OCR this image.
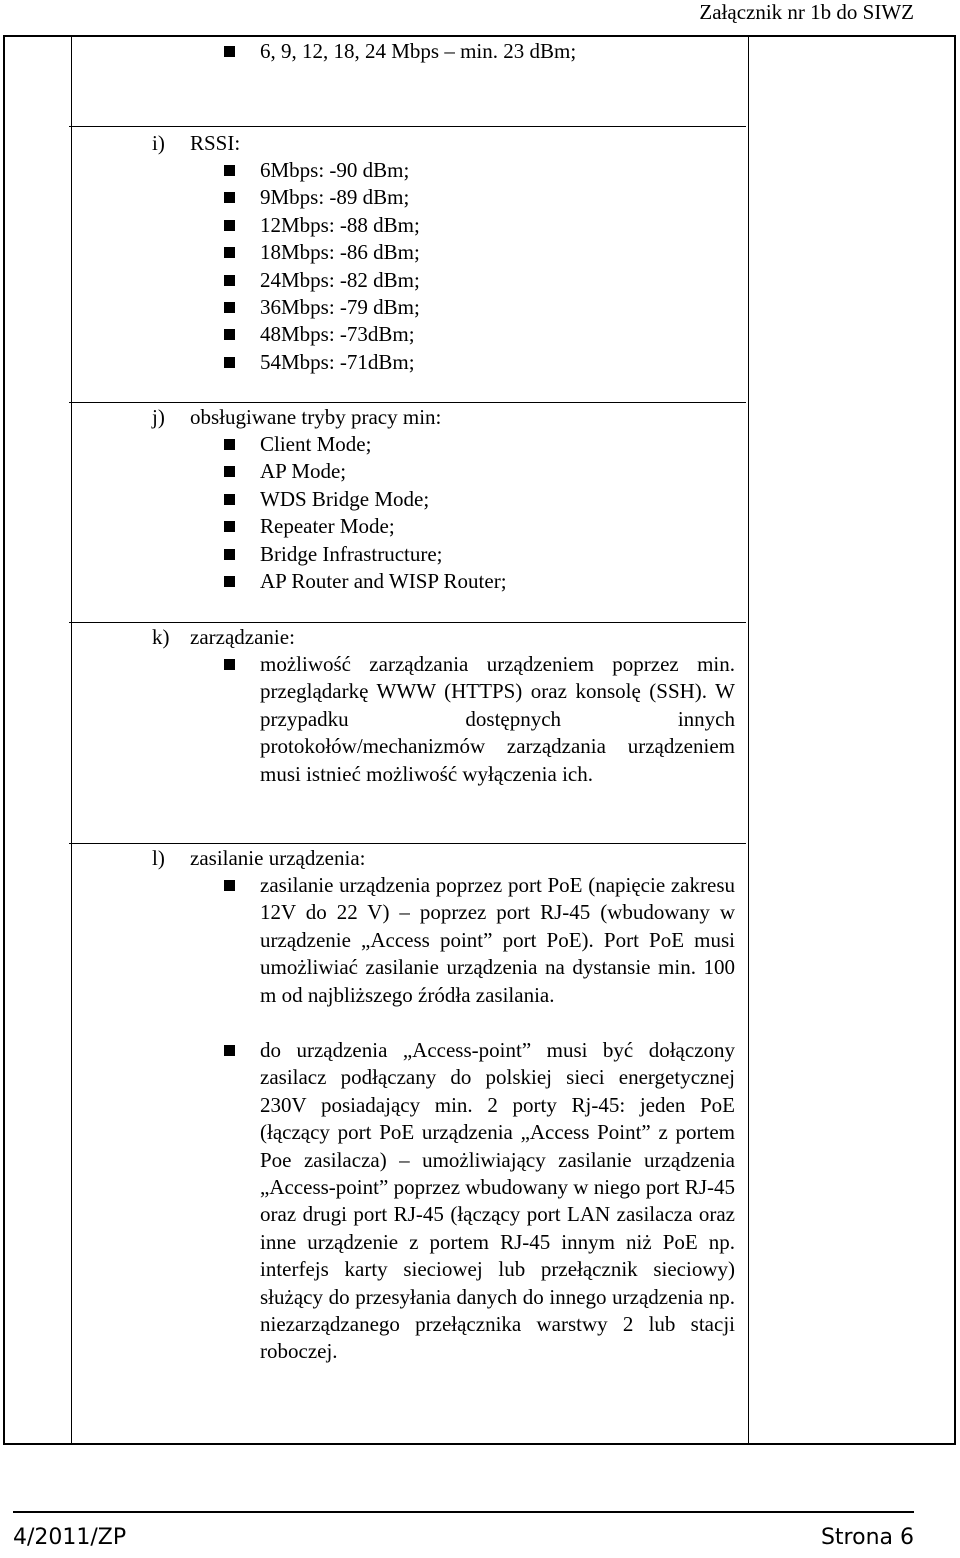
Załącznik nr 1b do SIWZ
6, 9, 12, 18, 24 Mbps – min. 23 dBm;
i) RSSI:
6Mbps: -90 dBm;
9Mbps: -89 dBm;
12Mbps: -88 dBm;
18Mbps: -86 dBm;
24Mbps: -82 dBm;
36Mbps: -79 dBm;
48Mbps: -73dBm;
54Mbps: -71dBm;
j) obsługiwane tryby pracy min:
Client Mode;
AP Mode;
WDS Bridge Mode;
Repeater Mode;
Bridge Infrastructure;
AP Router and WISP Router;
k) zarządzanie:
możliwość zarządzania urządzeniem poprzez min. przeglądarkę WWW (HTTPS) oraz konsolę (SSH). W przypadku dostępnych innych protokołów/mechanizmów zarządzania urządzeniem musi istnieć możliwość wyłączenia ich.
l) zasilanie urządzenia:
zasilanie urządzenia poprzez port PoE (napięcie zakresu 12V do 22 V) – poprzez port RJ-45 (wbudowany w urządzenie „Access point” port PoE). Port PoE musi umożliwiać zasilanie urządzenia na dystansie min. 100 m od najbliższego źródła zasilania.
do urządzenia „Access-point” musi być dołączony zasilacz podłączany do polskiej sieci energetycznej 230V posiadający min. 2 porty Rj-45: jeden PoE (łączący port PoE urządzenia „Access Point” z portem Poe zasilacza) – umożliwiający zasilanie urządzenia „Access-point” poprzez wbudowany w niego port RJ-45 oraz drugi port RJ-45 (łączący port LAN zasilacza oraz inne urządzenie z portem RJ-45 innym niż PoE np. interfejs karty sieciowej lub przełącznik sieciowy) służący do przesyłania danych do innego urządzenia np. niezarządzanego przełącznika warstwy 2 lub stacji roboczej.
4/2011/ZP	Strona 6
